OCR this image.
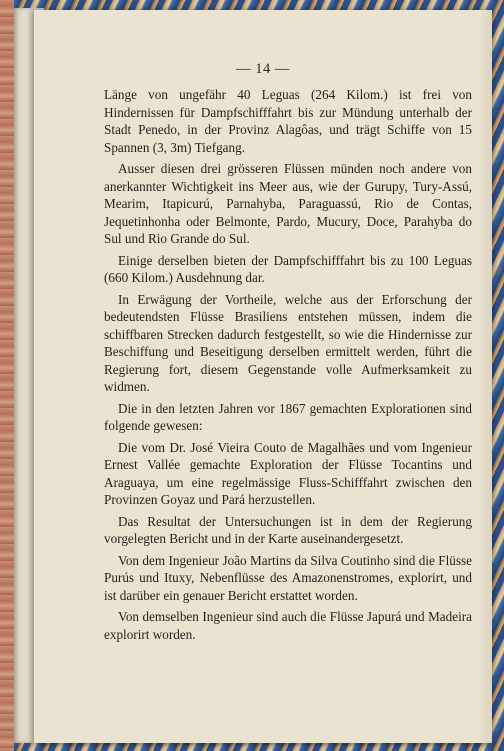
— 14 —
P

Länge von ungefähr 40 Leguas (264 Kilom.) ist frei von Hindernissen für Dampfschifffahrt bis zur Mündung unterhalb der Stadt Penedo, in der Provinz Alagôas, und trägt Schiffe von 15 Spannen (3, 3m) Tiefgang.

Ausser diesen drei grösseren Flüssen münden noch andere von anerkannter Wichtigkeit ins Meer aus, wie der Gurupy, Tury-Assú, Mearim, Itapicurú, Parnahyba, Paraguassú, Rio de Contas, Jequetinhonha oder Belmonte, Pardo, Mucury, Doce, Parahyba do Sul und Rio Grande do Sul.

Einige derselben bieten der Dampfschifffahrt bis zu 100 Leguas (660 Kilom.) Ausdehnung dar.

In Erwägung der Vortheile, welche aus der Erforschung der bedeutendsten Flüsse Brasiliens entstehen müssen, indem die schiffbaren Strecken dadurch festgestellt, so wie die Hindernisse zur Beschiffung und Beseitigung derselben ermittelt werden, führt die Regierung fort, diesem Gegenstande volle Aufmerksamkeit zu widmen.

Die in den letzten Jahren vor 1867 gemachten Explorationen sind folgende gewesen:

Die vom Dr. José Vieira Couto de Magalhães und vom Ingenieur Ernest Vallée gemachte Exploration der Flüsse Tocantins und Araguaya, um eine regelmässige Fluss-Schifffahrt zwischen den Provinzen Goyaz und Pará herzustellen.

Das Resultat der Untersuchungen ist in dem der Regierung vorgelegten Bericht und in der Karte auseinandergesetzt.

Von dem Ingenieur João Martins da Silva Coutinho sind die Flüsse Purús und Ituxy, Nebenflüsse des Amazonenstromes, explorirt, und ist darüber ein genauer Bericht erstattet worden.

Von demselben Ingenieur sind auch die Flüsse Japurá und Madeira explorirt worden.
